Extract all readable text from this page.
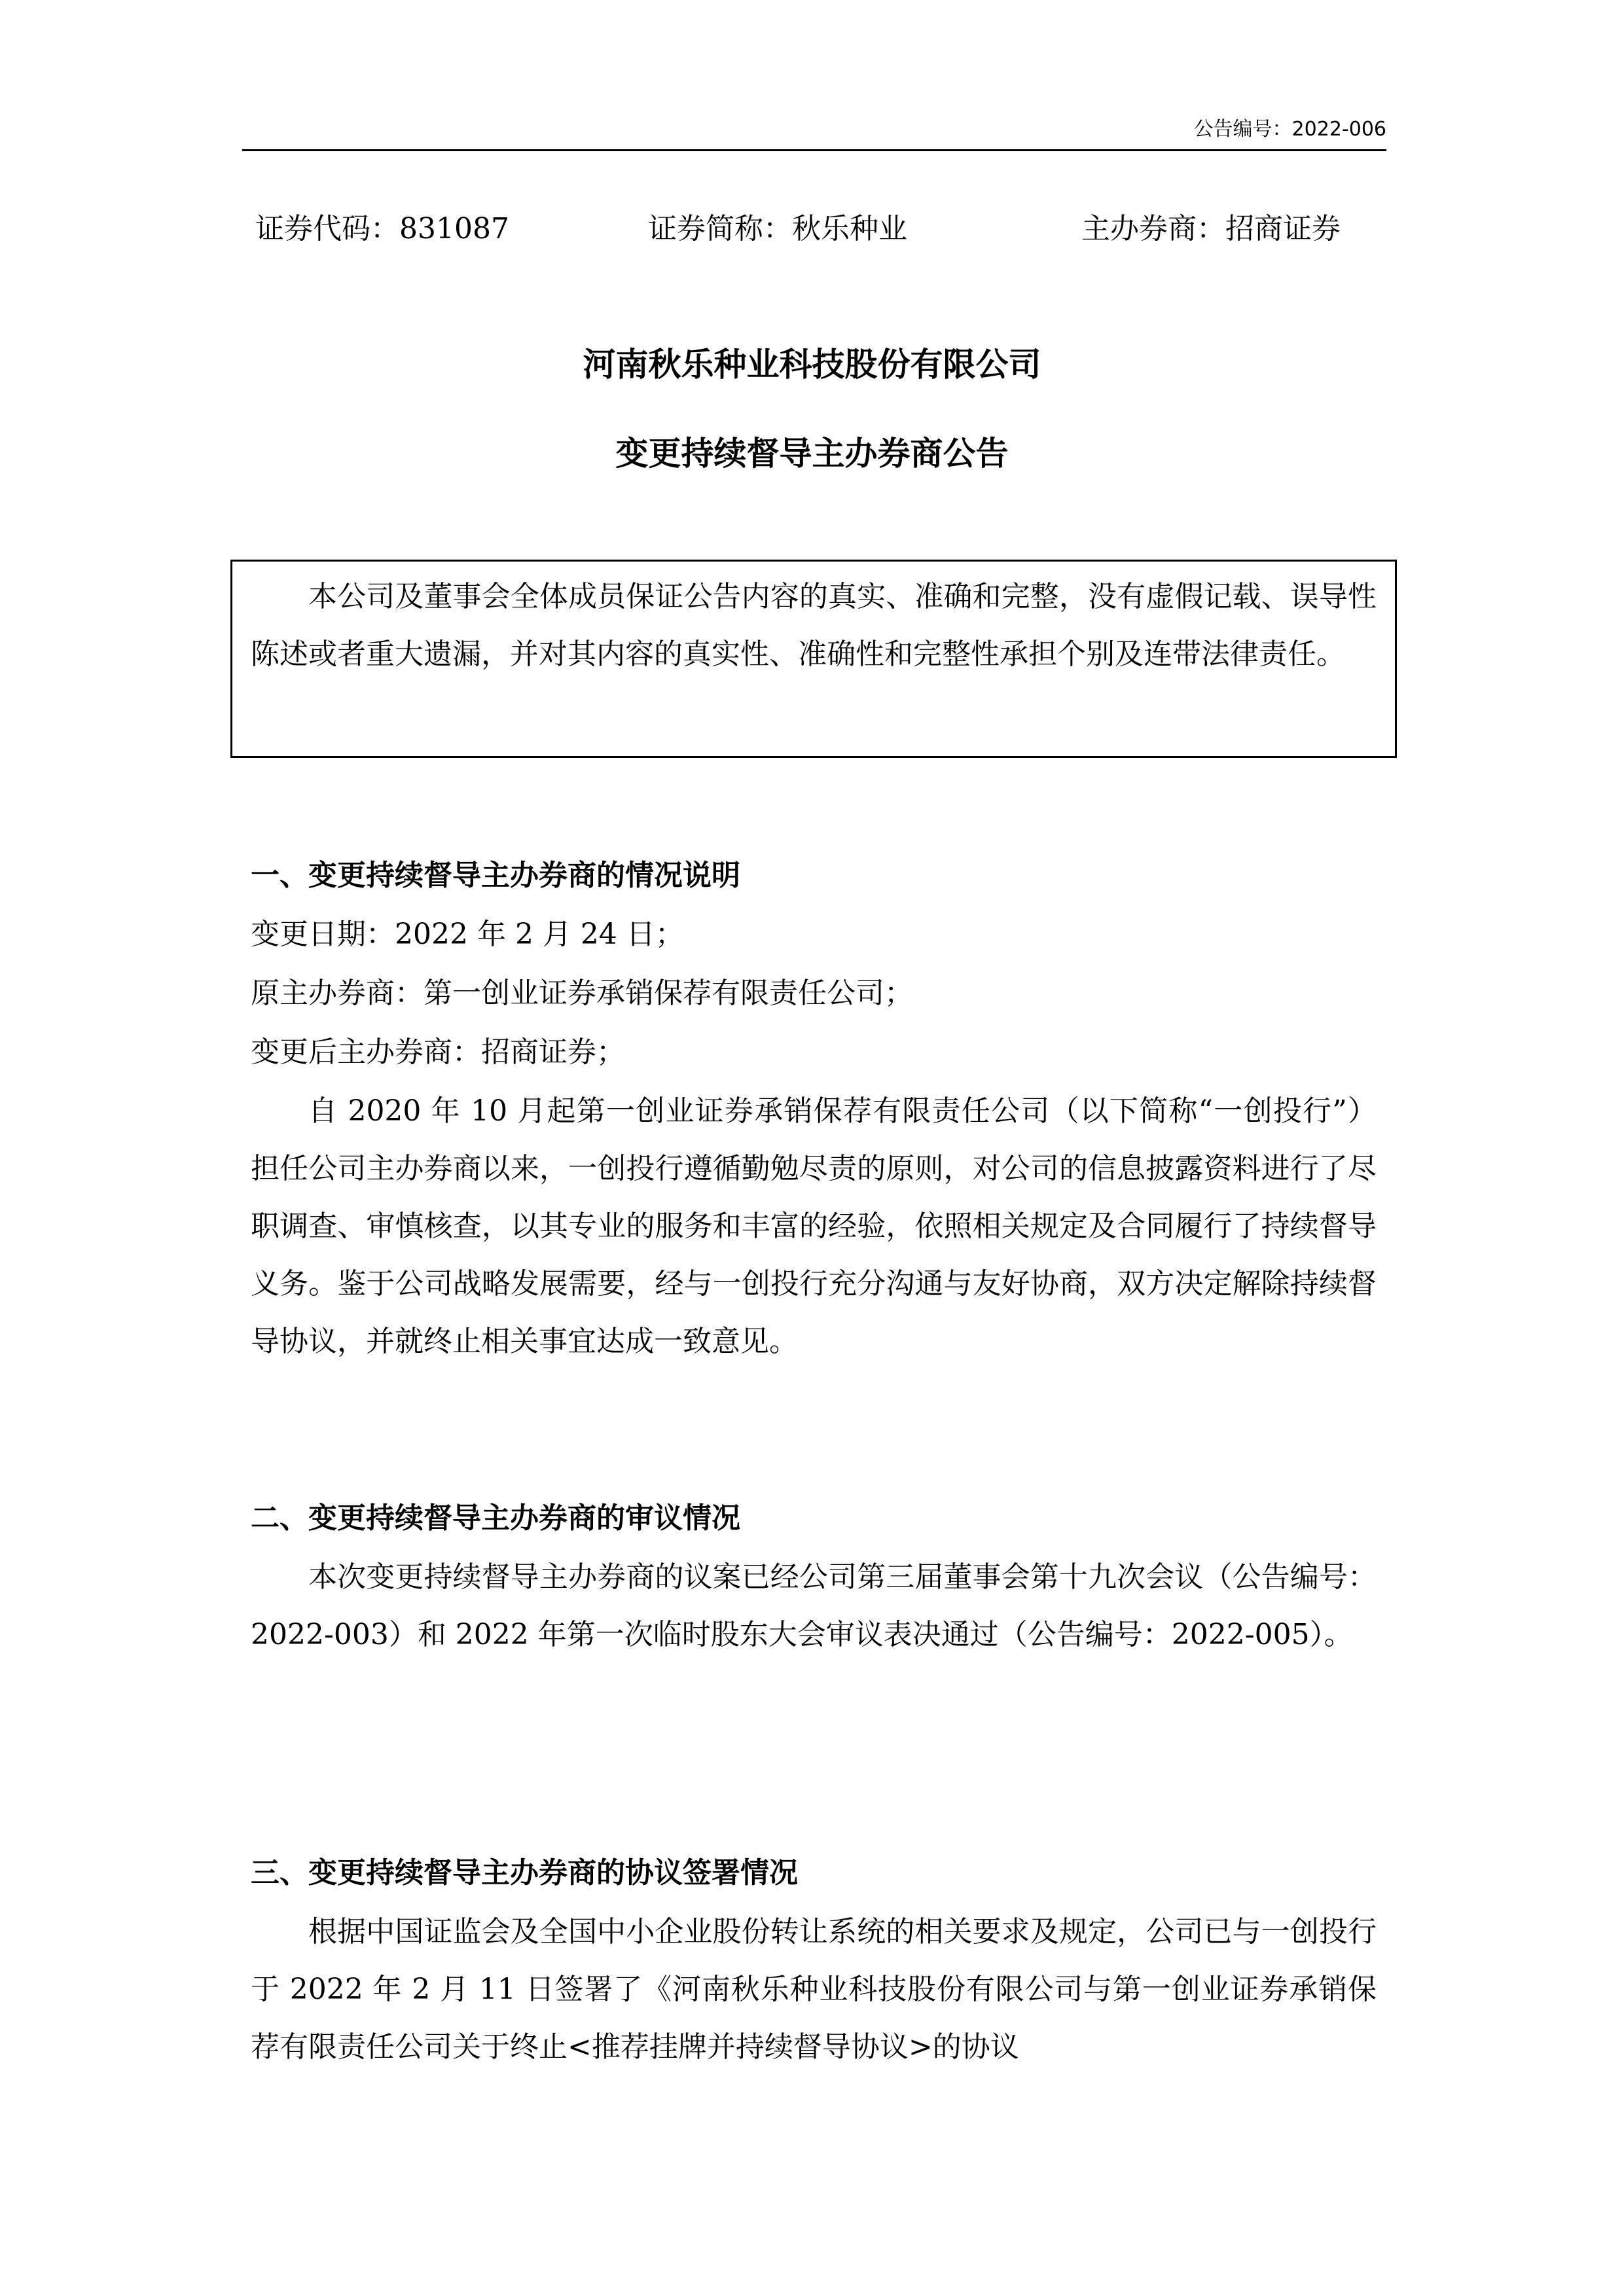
公告编号：2022-006
证券代码：831087	证券简称：秋乐种业	主办券商：招商证券
河南秋乐种业科技股份有限公司
变更持续督导主办券商公告

本公司及董事会全体成员保证公告内容的真实、准确和完整，没有虚假记载、误导性陈述或者重大遗漏，并对其内容的真实性、准确性和完整性承担个别及连带法律责任。

一、变更持续督导主办券商的情况说明
变更日期：2022 年 2 月 24 日；
原主办券商：第一创业证券承销保荐有限责任公司；
变更后主办券商：招商证券；

自 2020 年 10 月起第一创业证券承销保荐有限责任公司（以下简称“一创投行”）担任公司主办券商以来，一创投行遵循勤勉尽责的原则，对公司的信息披露资料进行了尽职调查、审慎核查，以其专业的服务和丰富的经验，依照相关规定及合同履行了持续督导义务。鉴于公司战略发展需要，经与一创投行充分沟通与友好协商，双方决定解除持续督导协议，并就终止相关事宜达成一致意见。

二、变更持续督导主办券商的审议情况

本次变更持续督导主办券商的议案已经公司第三届董事会第十九次会议（公告编号：2022-003）和 2022 年第一次临时股东大会审议表决通过（公告编号：2022-005）。

三、变更持续督导主办券商的协议签署情况

根据中国证监会及全国中小企业股份转让系统的相关要求及规定，公司已与一创投行于 2022 年 2 月 11 日签署了《河南秋乐种业科技股份有限公司与第一创业证券承销保荐有限责任公司关于终止<推荐挂牌并持续督导协议>的协议
